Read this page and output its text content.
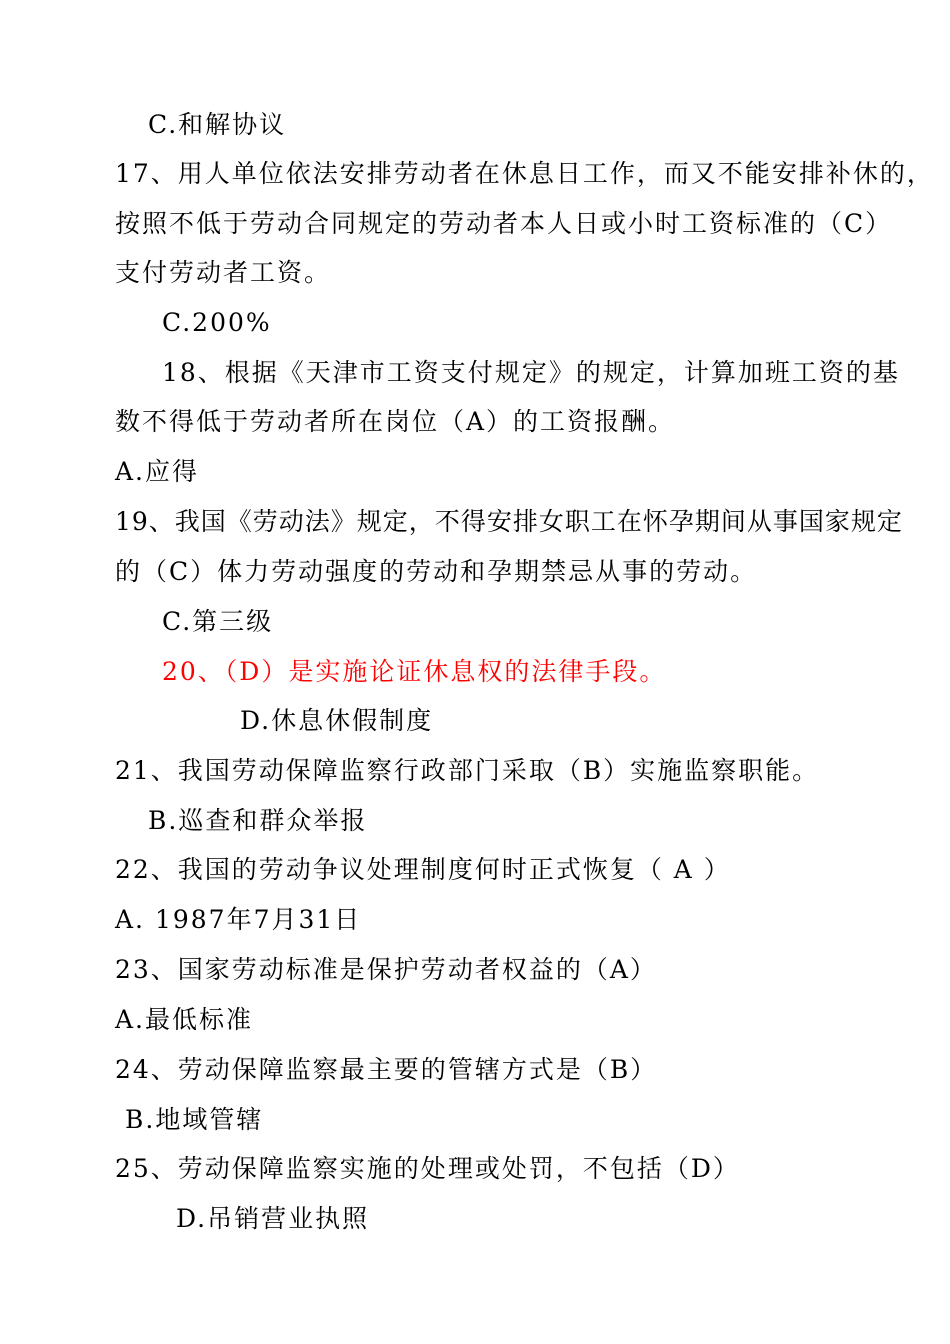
C.和解协议
17、用人单位依法安排劳动者在休息日工作，而又不能安排补休的，
按照不低于劳动合同规定的劳动者本人日或小时工资标准的（C）
支付劳动者工资。
C.200%
18、根据《天津市工资支付规定》的规定，计算加班工资的基
数不得低于劳动者所在岗位（A）的工资报酬。
A.应得
19、我国《劳动法》规定，不得安排女职工在怀孕期间从事国家规定
的（C）体力劳动强度的劳动和孕期禁忌从事的劳动。
C.第三级
20、（D）是实施论证休息权的法律手段。
D.休息休假制度
21、我国劳动保障监察行政部门采取（B）实施监察职能。
B.巡查和群众举报
22、我国的劳动争议处理制度何时正式恢复（ A ）
A. 1987年7月31日
23、国家劳动标准是保护劳动者权益的（A）
A.最低标准
24、劳动保障监察最主要的管辖方式是（B）
B.地域管辖
25、劳动保障监察实施的处理或处罚，不包括（D）
D.吊销营业执照
